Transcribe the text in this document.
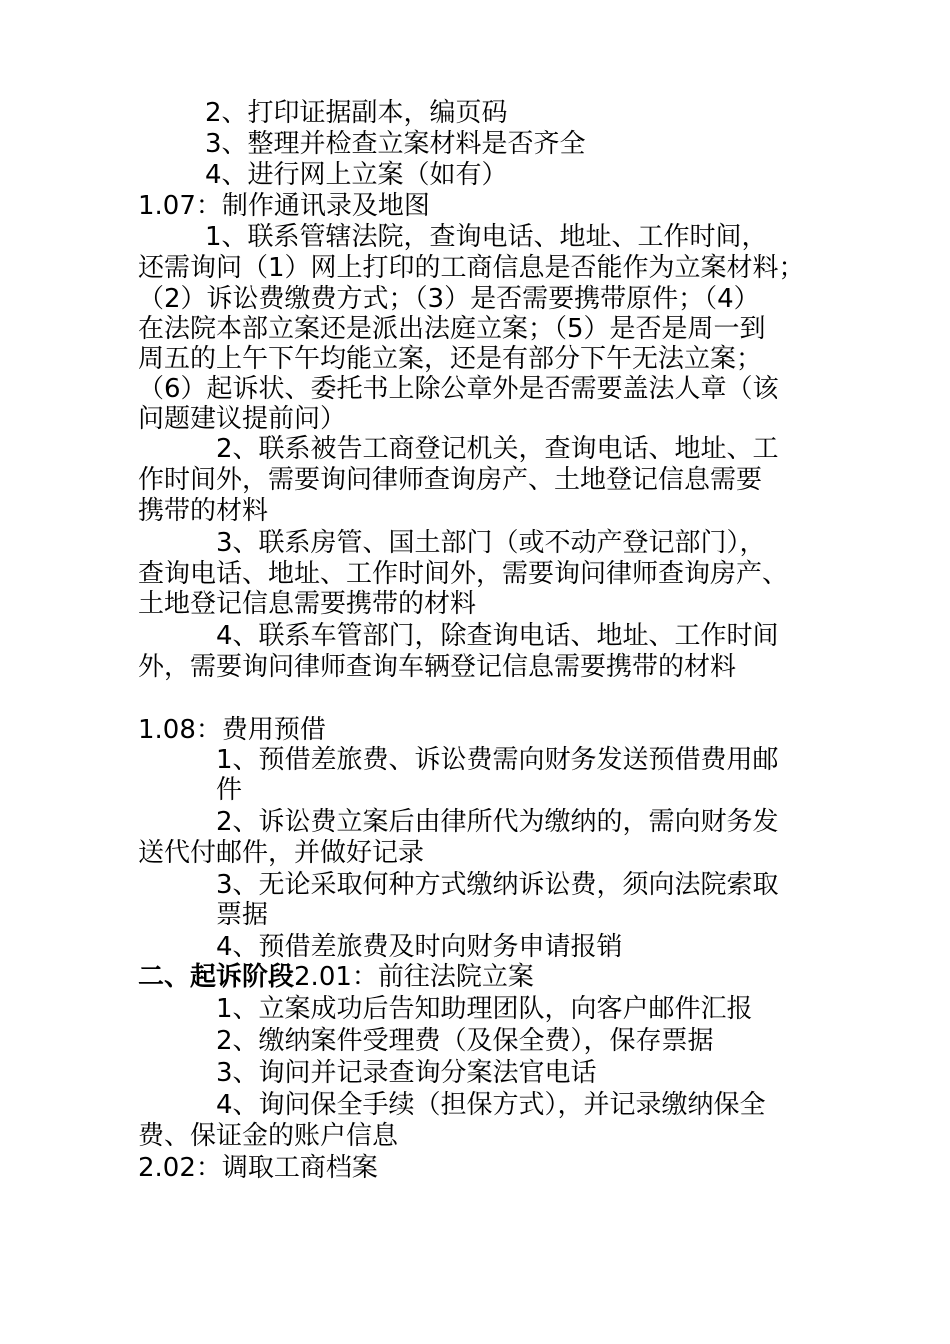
2、打印证据副本，编页码
3、整理并检查立案材料是否齐全
4、进行网上立案（如有）
1.07：制作通讯录及地图
1、联系管辖法院，查询电话、地址、工作时间，
还需询问（1）网上打印的工商信息是否能作为立案材料；
（2）诉讼费缴费方式；（3）是否需要携带原件；（4）
在法院本部立案还是派出法庭立案；（5）是否是周一到
周五的上午下午均能立案，还是有部分下午无法立案；
（6）起诉状、委托书上除公章外是否需要盖法人章（该
问题建议提前问）
2、联系被告工商登记机关，查询电话、地址、工
作时间外，需要询问律师查询房产、土地登记信息需要
携带的材料
3、联系房管、国土部门（或不动产登记部门），
查询电话、地址、工作时间外，需要询问律师查询房产、
土地登记信息需要携带的材料
4、联系车管部门，除查询电话、地址、工作时间
外，需要询问律师查询车辆登记信息需要携带的材料
1.08：费用预借
1、预借差旅费、诉讼费需向财务发送预借费用邮
件
2、诉讼费立案后由律所代为缴纳的，需向财务发
送代付邮件，并做好记录
3、无论采取何种方式缴纳诉讼费，须向法院索取
票据
4、预借差旅费及时向财务申请报销
二、起诉阶段2.01：前往法院立案
1、立案成功后告知助理团队，向客户邮件汇报
2、缴纳案件受理费（及保全费），保存票据
3、询问并记录查询分案法官电话
4、询问保全手续（担保方式），并记录缴纳保全
费、保证金的账户信息
2.02：调取工商档案
